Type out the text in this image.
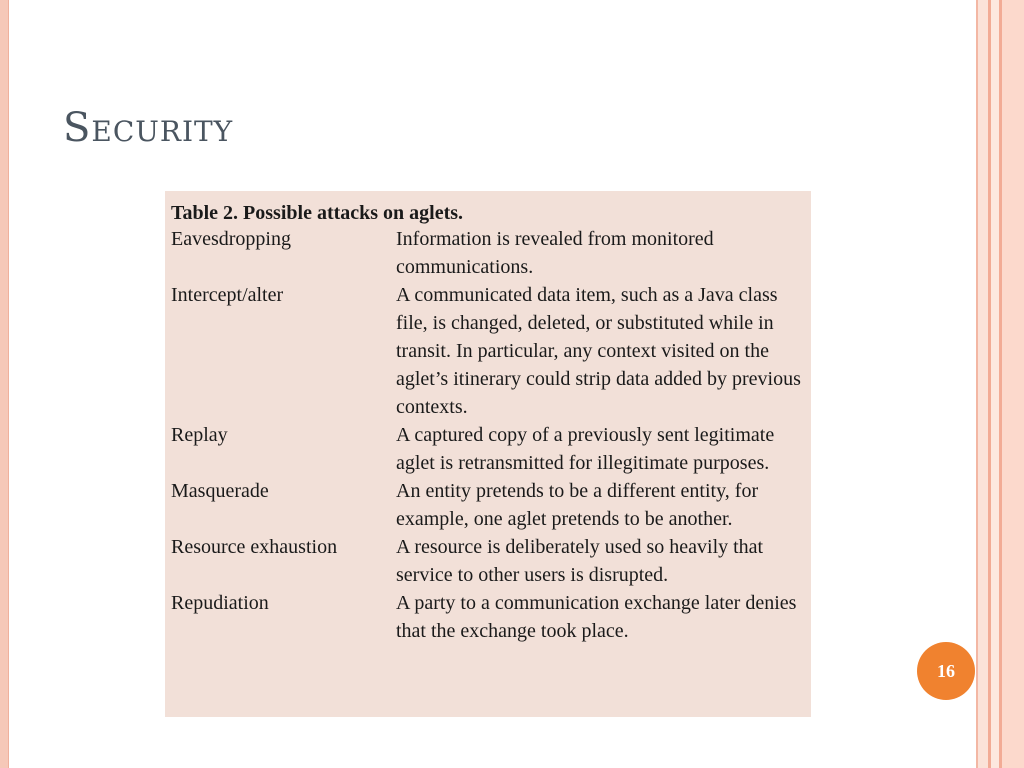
Security

Table 2. Possible attacks on aglets.

Eavesdropping	Information is revealed from monitored communications.
Intercept/alter	A communicated data item, such as a Java class file, is changed, deleted, or substituted while in transit. In particular, any context visited on the aglet’s itinerary could strip data added by previous contexts.
Replay	A captured copy of a previously sent legitimate aglet is retransmitted for illegitimate purposes.
Masquerade	An entity pretends to be a different entity, for example, one aglet pretends to be another.
Resource exhaustion	A resource is deliberately used so heavily that service to other users is disrupted.
Repudiation	A party to a communication exchange later denies that the exchange took place.
16
